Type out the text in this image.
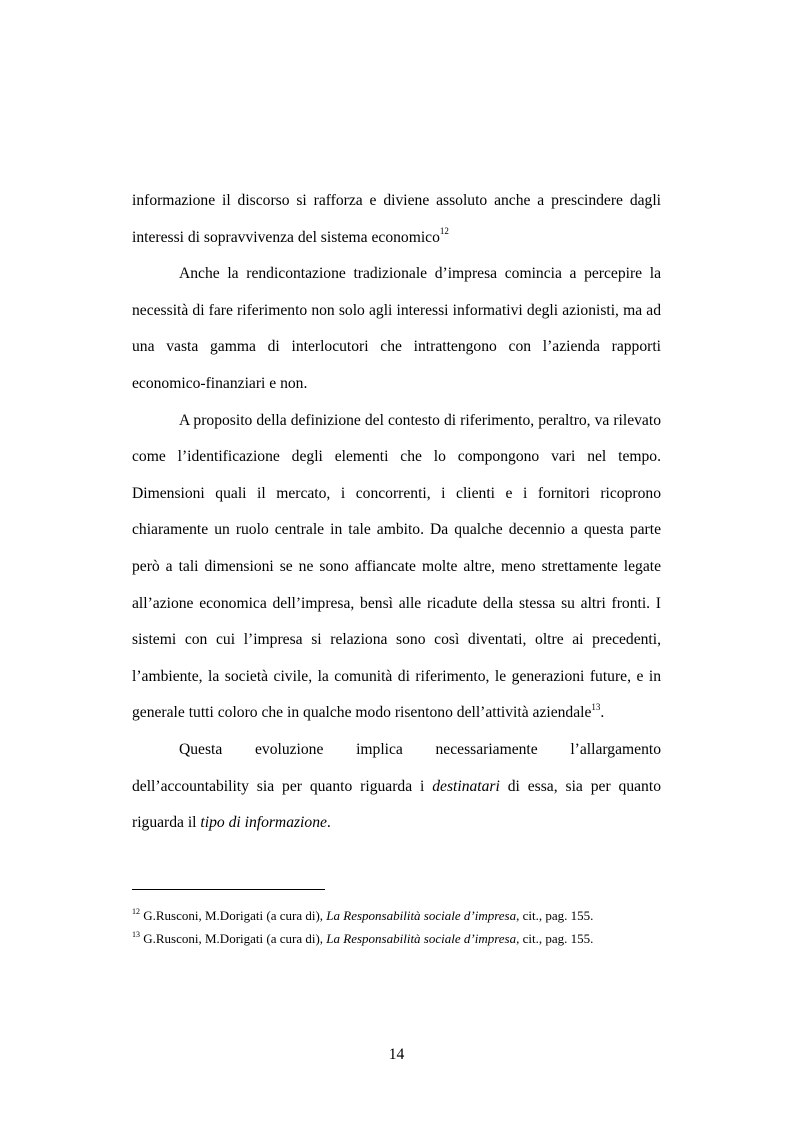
informazione il discorso si rafforza e diviene assoluto anche a prescindere dagli interessi di sopravvivenza del sistema economico$^{12}$

Anche la rendicontazione tradizionale d’impresa comincia a percepire la necessità di fare riferimento non solo agli interessi informativi degli azionisti, ma ad una vasta gamma di interlocutori che intrattengono con l’azienda rapporti economico-finanziari e non.

A proposito della definizione del contesto di riferimento, peraltro, va rilevato come l’identificazione degli elementi che lo compongono vari nel tempo. Dimensioni quali il mercato, i concorrenti, i clienti e i fornitori ricoprono chiaramente un ruolo centrale in tale ambito. Da qualche decennio a questa parte però a tali dimensioni se ne sono affiancate molte altre, meno strettamente legate all’azione economica dell’impresa, bensì alle ricadute della stessa su altri fronti. I sistemi con cui l’impresa si relaziona sono così diventati, oltre ai precedenti, l’ambiente, la società civile, la comunità di riferimento, le generazioni future, e in generale tutti coloro che in qualche modo risentono dell’attività aziendale$^{13}$.

Questa evoluzione implica necessariamente l’allargamento dell’accountability sia per quanto riguarda i destinatari di essa, sia per quanto riguarda il tipo di informazione.

$^{12}$ G.Rusconi, M.Dorigati (a cura di), La Responsabilità sociale d’impresa, cit., pag. 155.
$^{13}$ G.Rusconi, M.Dorigati (a cura di), La Responsabilità sociale d’impresa, cit., pag. 155.
14
